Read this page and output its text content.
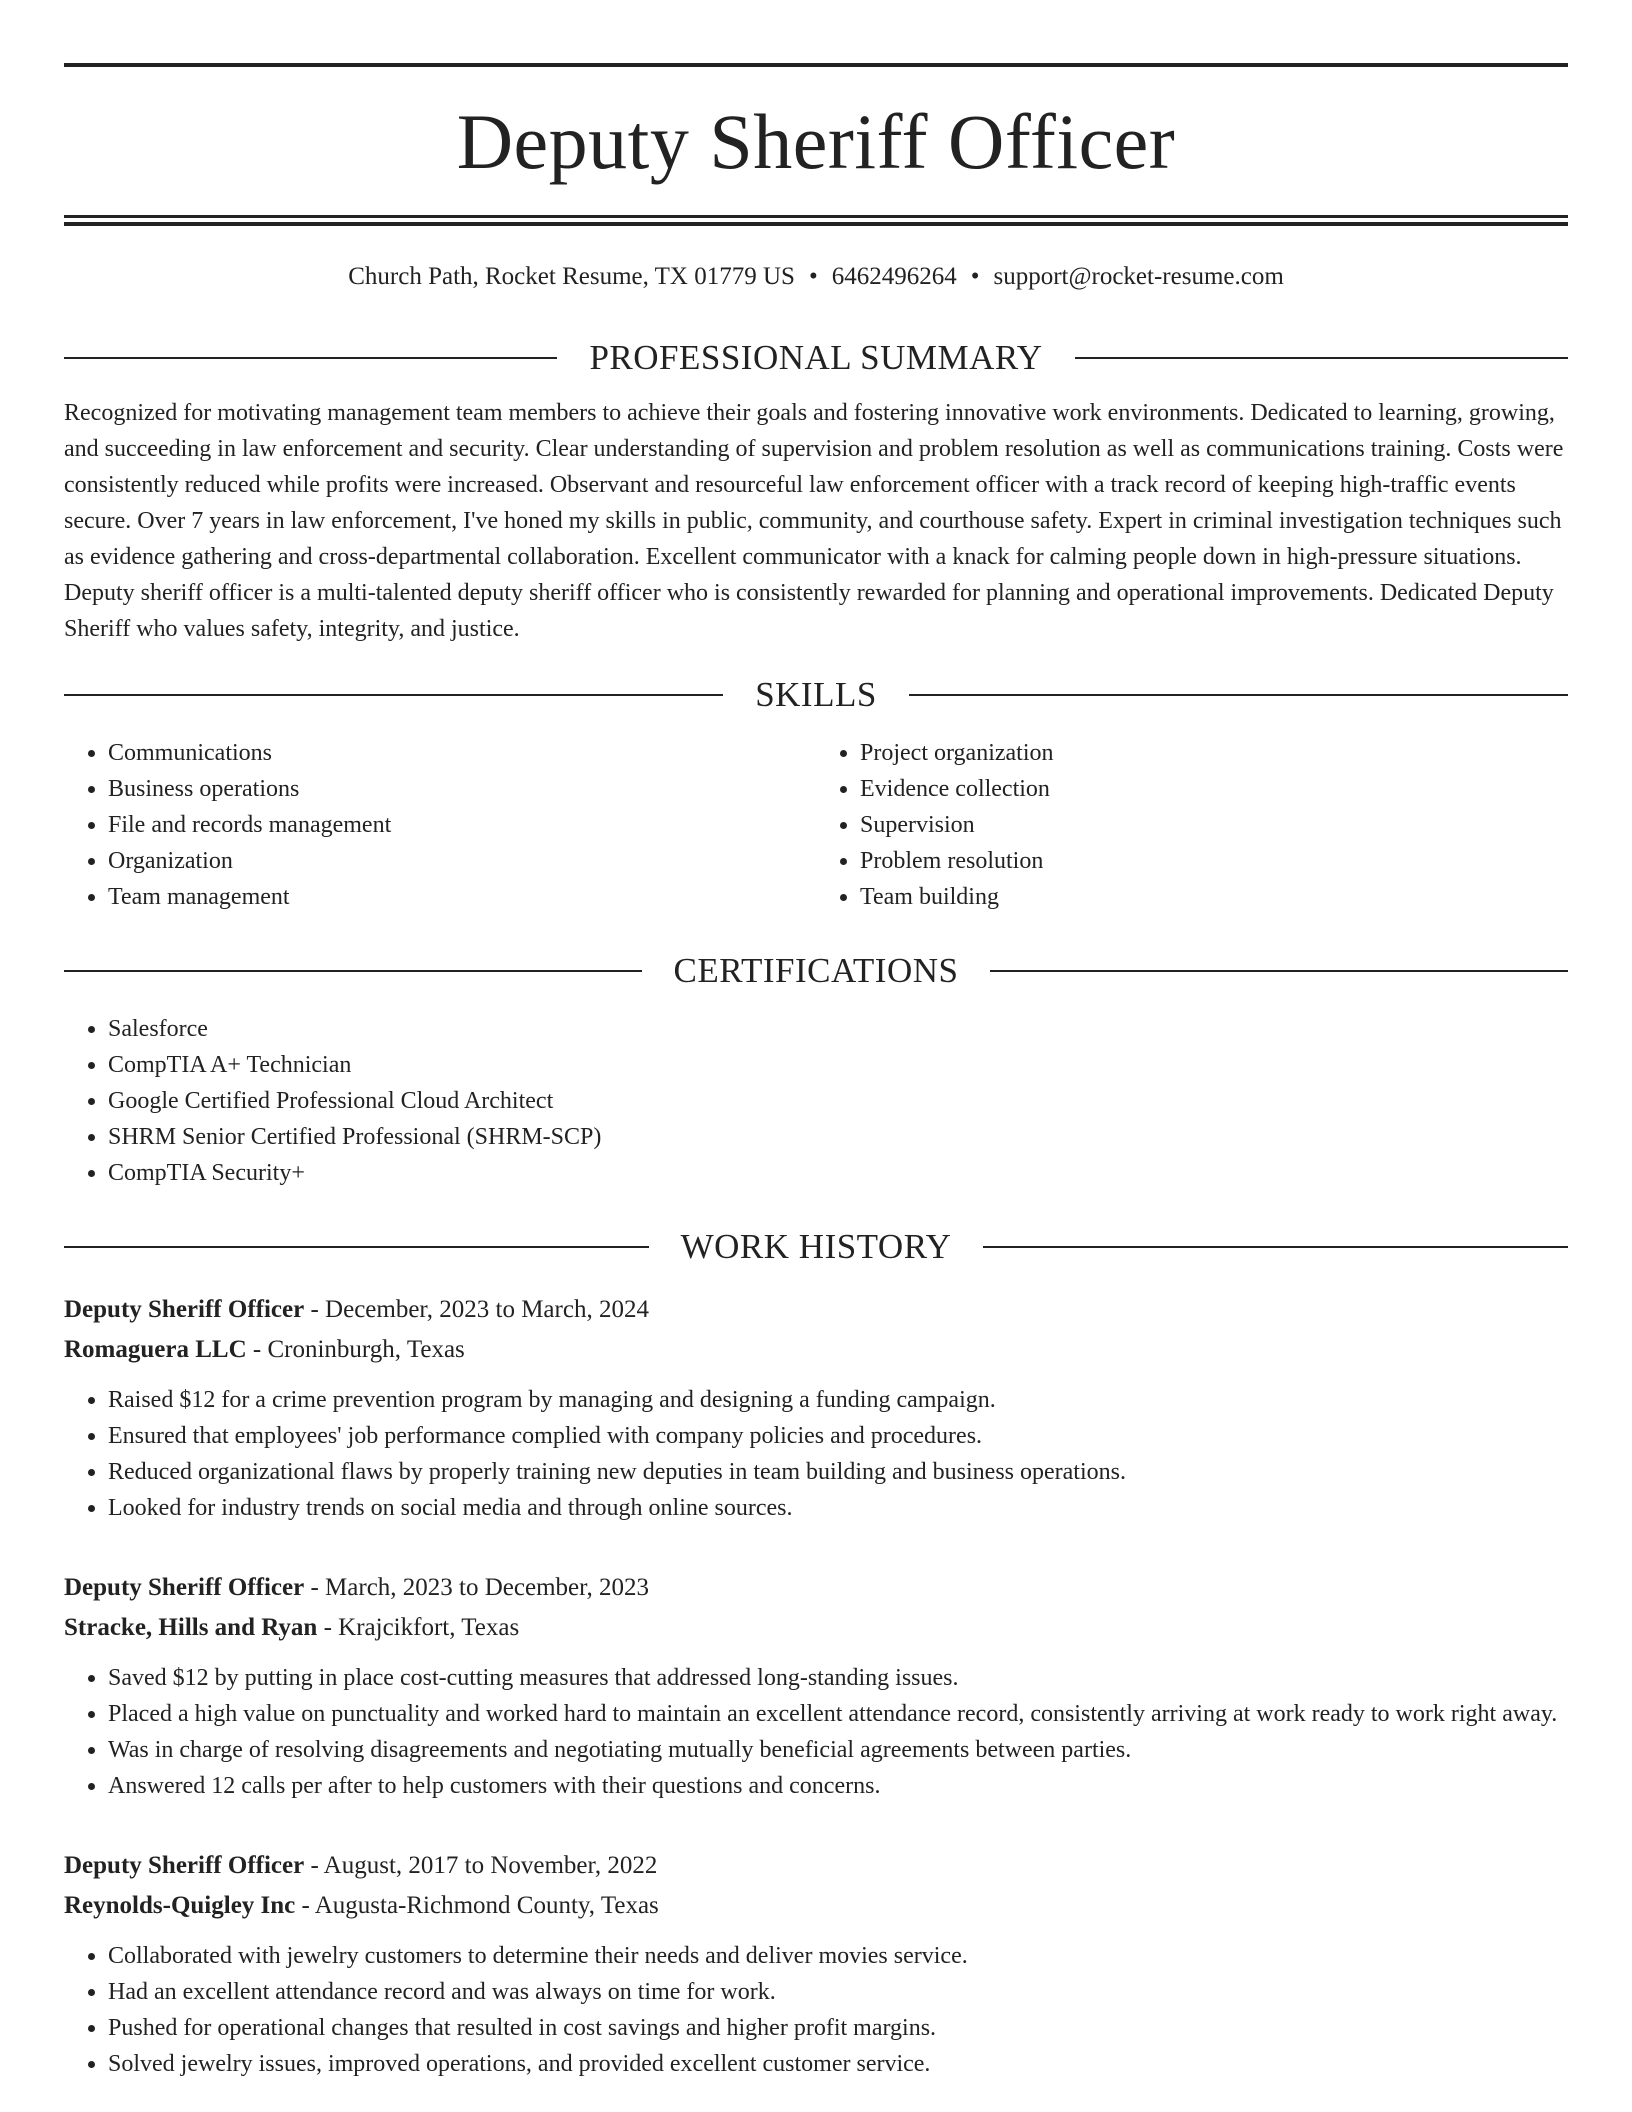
Deputy Sheriff Officer
Church Path, Rocket Resume, TX 01779 US • 6462496264 • support@rocket-resume.com
PROFESSIONAL SUMMARY

Recognized for motivating management team members to achieve their goals and fostering innovative work environments. Dedicated to learning, growing, and succeeding in law enforcement and security. Clear understanding of supervision and problem resolution as well as communications training. Costs were consistently reduced while profits were increased. Observant and resourceful law enforcement officer with a track record of keeping high-traffic events secure. Over 7 years in law enforcement, I've honed my skills in public, community, and courthouse safety. Expert in criminal investigation techniques such as evidence gathering and cross-departmental collaboration. Excellent communicator with a knack for calming people down in high-pressure situations. Deputy sheriff officer is a multi-talented deputy sheriff officer who is consistently rewarded for planning and operational improvements. Dedicated Deputy Sheriff who values safety, integrity, and justice.

SKILLS
• Communications
• Business operations
• File and records management
• Organization
• Team management
• Project organization
• Evidence collection
• Supervision
• Problem resolution
• Team building
CERTIFICATIONS
• Salesforce
• CompTIA A+ Technician
• Google Certified Professional Cloud Architect
• SHRM Senior Certified Professional (SHRM-SCP)
• CompTIA Security+
WORK HISTORY
Deputy Sheriff Officer - December, 2023 to March, 2024
Romaguera LLC - Croninburgh, Texas
• Raised $12 for a crime prevention program by managing and designing a funding campaign.
• Ensured that employees' job performance complied with company policies and procedures.
• Reduced organizational flaws by properly training new deputies in team building and business operations.
• Looked for industry trends on social media and through online sources.
Deputy Sheriff Officer - March, 2023 to December, 2023
Stracke, Hills and Ryan - Krajcikfort, Texas
• Saved $12 by putting in place cost-cutting measures that addressed long-standing issues.
• Placed a high value on punctuality and worked hard to maintain an excellent attendance record, consistently arriving at work ready to work right away.
• Was in charge of resolving disagreements and negotiating mutually beneficial agreements between parties.
• Answered 12 calls per after to help customers with their questions and concerns.
Deputy Sheriff Officer - August, 2017 to November, 2022
Reynolds-Quigley Inc - Augusta-Richmond County, Texas
• Collaborated with jewelry customers to determine their needs and deliver movies service.
• Had an excellent attendance record and was always on time for work.
• Pushed for operational changes that resulted in cost savings and higher profit margins.
• Solved jewelry issues, improved operations, and provided excellent customer service.
